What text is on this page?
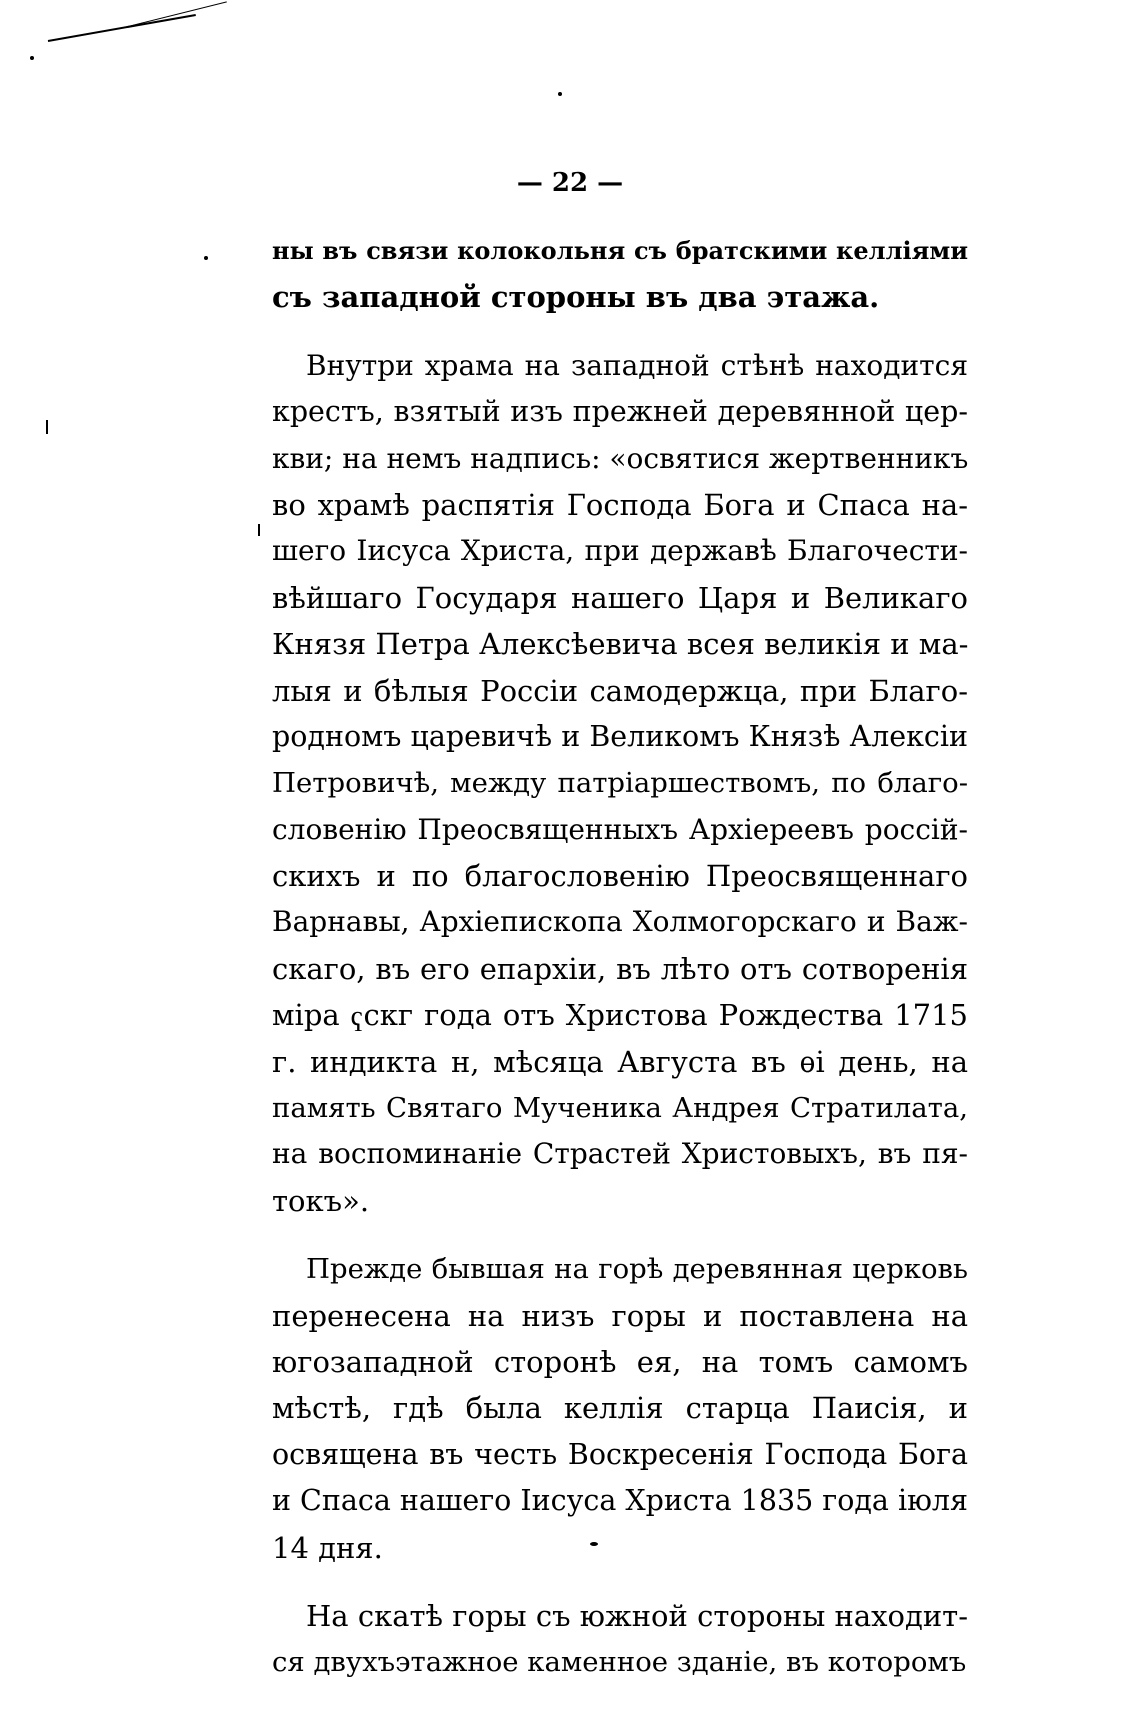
— 22 —
ны въ связи колокольня съ братскими келліями
съ западной стороны въ два этажа.
Внутри храма на западной стѣнѣ находится
крестъ, взятый изъ прежней деревянной цер-
кви; на немъ надпись: «освятися жертвенникъ
во храмѣ распятія Господа Бога и Спаса на-
шего Іисуса Христа, при державѣ Благочести-
вѣйшаго Государя нашего Царя и Великаго
Князя Петра Алексѣевича всея великія и ма-
лыя и бѣлыя Россіи самодержца, при Благо-
родномъ царевичѣ и Великомъ Князѣ Алексіи
Петровичѣ, между патріаршествомъ, по благо-
словенію Преосвященныхъ Архіереевъ россій-
скихъ и по благословенію Преосвященнаго
Варнавы, Архіепископа Холмогорскаго и Важ-
скаго, въ его епархіи, въ лѣто отъ сотворенія
міра ҁскг года отъ Христова Рождества 1715
г. индикта н, мѣсяца Августа въ ѳі день, на
память Святаго Мученика Андрея Стратилата,
на воспоминаніе Страстей Христовыхъ, въ пя-
токъ».
Прежде бывшая на горѣ деревянная церковь
перенесена на низъ горы и поставлена на
югозападной сторонѣ ея, на томъ самомъ
мѣстѣ, гдѣ была келлія старца Паисія, и
освящена въ честь Воскресенія Господа Бога
и Спаса нашего Іисуса Христа 1835 года іюля
14 дня.
На скатѣ горы съ южной стороны находит-
ся двухъэтажное каменное зданіе, въ которомъ
